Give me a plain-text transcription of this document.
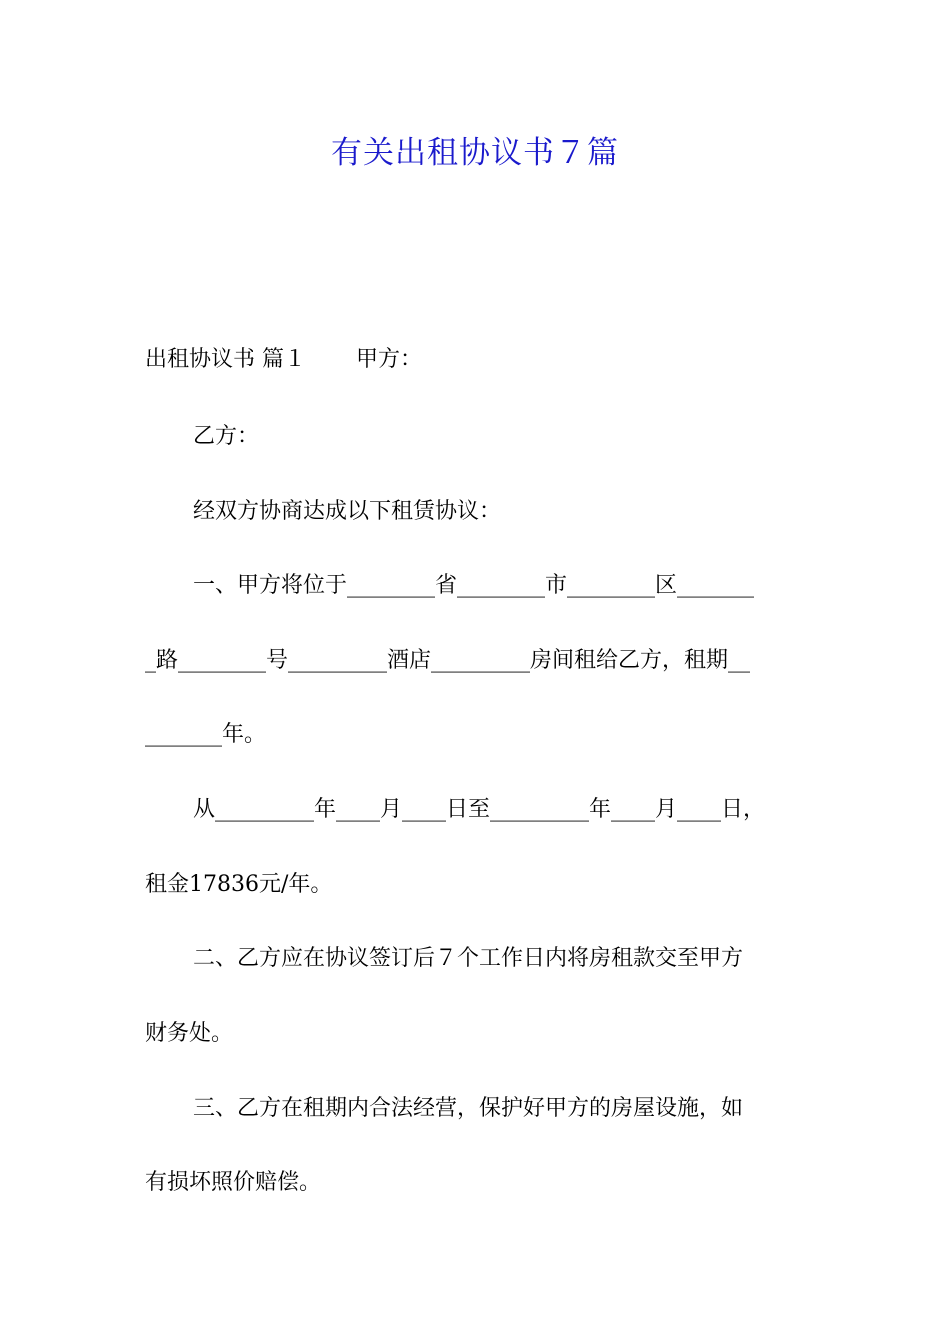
有关出租协议书７篇

出租协议书 篇１ 甲方：

乙方：

经双方协商达成以下租赁协议：

一、甲方将位于________省________市________区_______

_路________号_________酒店_________房间租给乙方，租期__

_______年。

从_________年____月____日至_________年____月____日，

租金17836元/年。

二、乙方应在协议签订后７个工作日内将房租款交至甲方

财务处。

三、乙方在租期内合法经营，保护好甲方的房屋设施，如

有损坏照价赔偿。
